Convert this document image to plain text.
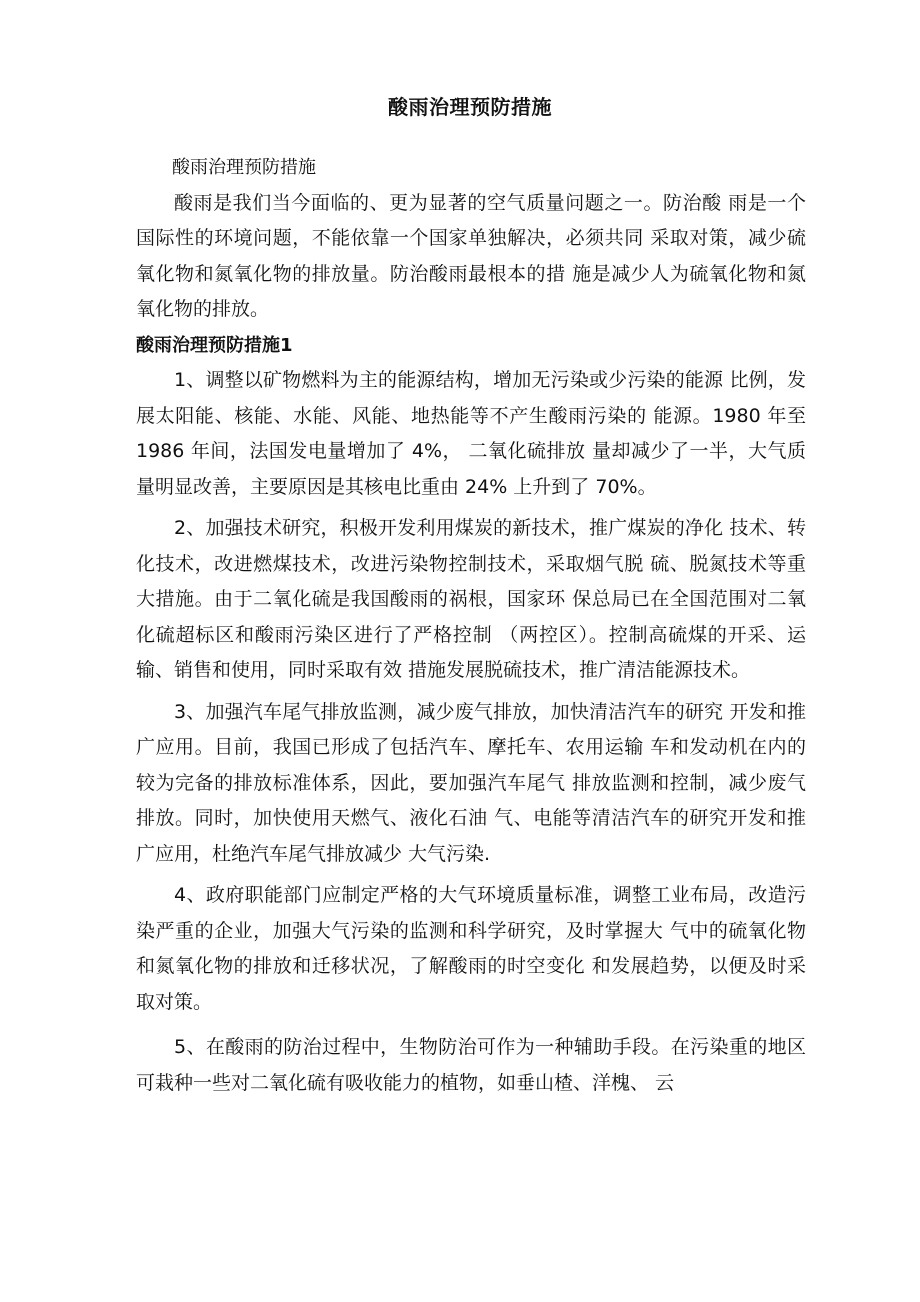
酸雨治理预防措施

酸雨治理预防措施

酸雨是我们当今面临的、更为显著的空气质量问题之一。防治酸 雨是一个国际性的环境问题，不能依靠一个国家单独解决，必须共同 采取对策，减少硫氧化物和氮氧化物的排放量。防治酸雨最根本的措 施是减少人为硫氧化物和氮氧化物的排放。

酸雨治理预防措施1

1、调整以矿物燃料为主的能源结构，增加无污染或少污染的能源 比例，发展太阳能、核能、水能、风能、地热能等不产生酸雨污染的 能源。1980 年至 1986 年间，法国发电量增加了 4%， 二氧化硫排放 量却减少了一半，大气质量明显改善，主要原因是其核电比重由 24% 上升到了 70%。

2、加强技术研究，积极开发利用煤炭的新技术，推广煤炭的净化 技术、转化技术，改进燃煤技术，改进污染物控制技术，采取烟气脱 硫、脱氮技术等重大措施。由于二氧化硫是我国酸雨的祸根，国家环 保总局已在全国范围对二氧化硫超标区和酸雨污染区进行了严格控制 （两控区）。控制高硫煤的开采、运输、销售和使用，同时采取有效 措施发展脱硫技术，推广清洁能源技术。

3、加强汽车尾气排放监测，减少废气排放，加快清洁汽车的研究 开发和推广应用。目前，我国已形成了包括汽车、摩托车、农用运输 车和发动机在内的较为完备的排放标准体系，因此，要加强汽车尾气 排放监测和控制，减少废气排放。同时，加快使用天燃气、液化石油 气、电能等清洁汽车的研究开发和推广应用，杜绝汽车尾气排放减少 大气污染.

4、政府职能部门应制定严格的大气环境质量标准，调整工业布局，改造污染严重的企业，加强大气污染的监测和科学研究，及时掌握大 气中的硫氧化物和氮氧化物的排放和迁移状况，了解酸雨的时空变化 和发展趋势，以便及时采取对策。

5、在酸雨的防治过程中，生物防治可作为一种辅助手段。在污染重的地区可栽种一些对二氧化硫有吸收能力的植物，如垂山楂、洋槐、 云
